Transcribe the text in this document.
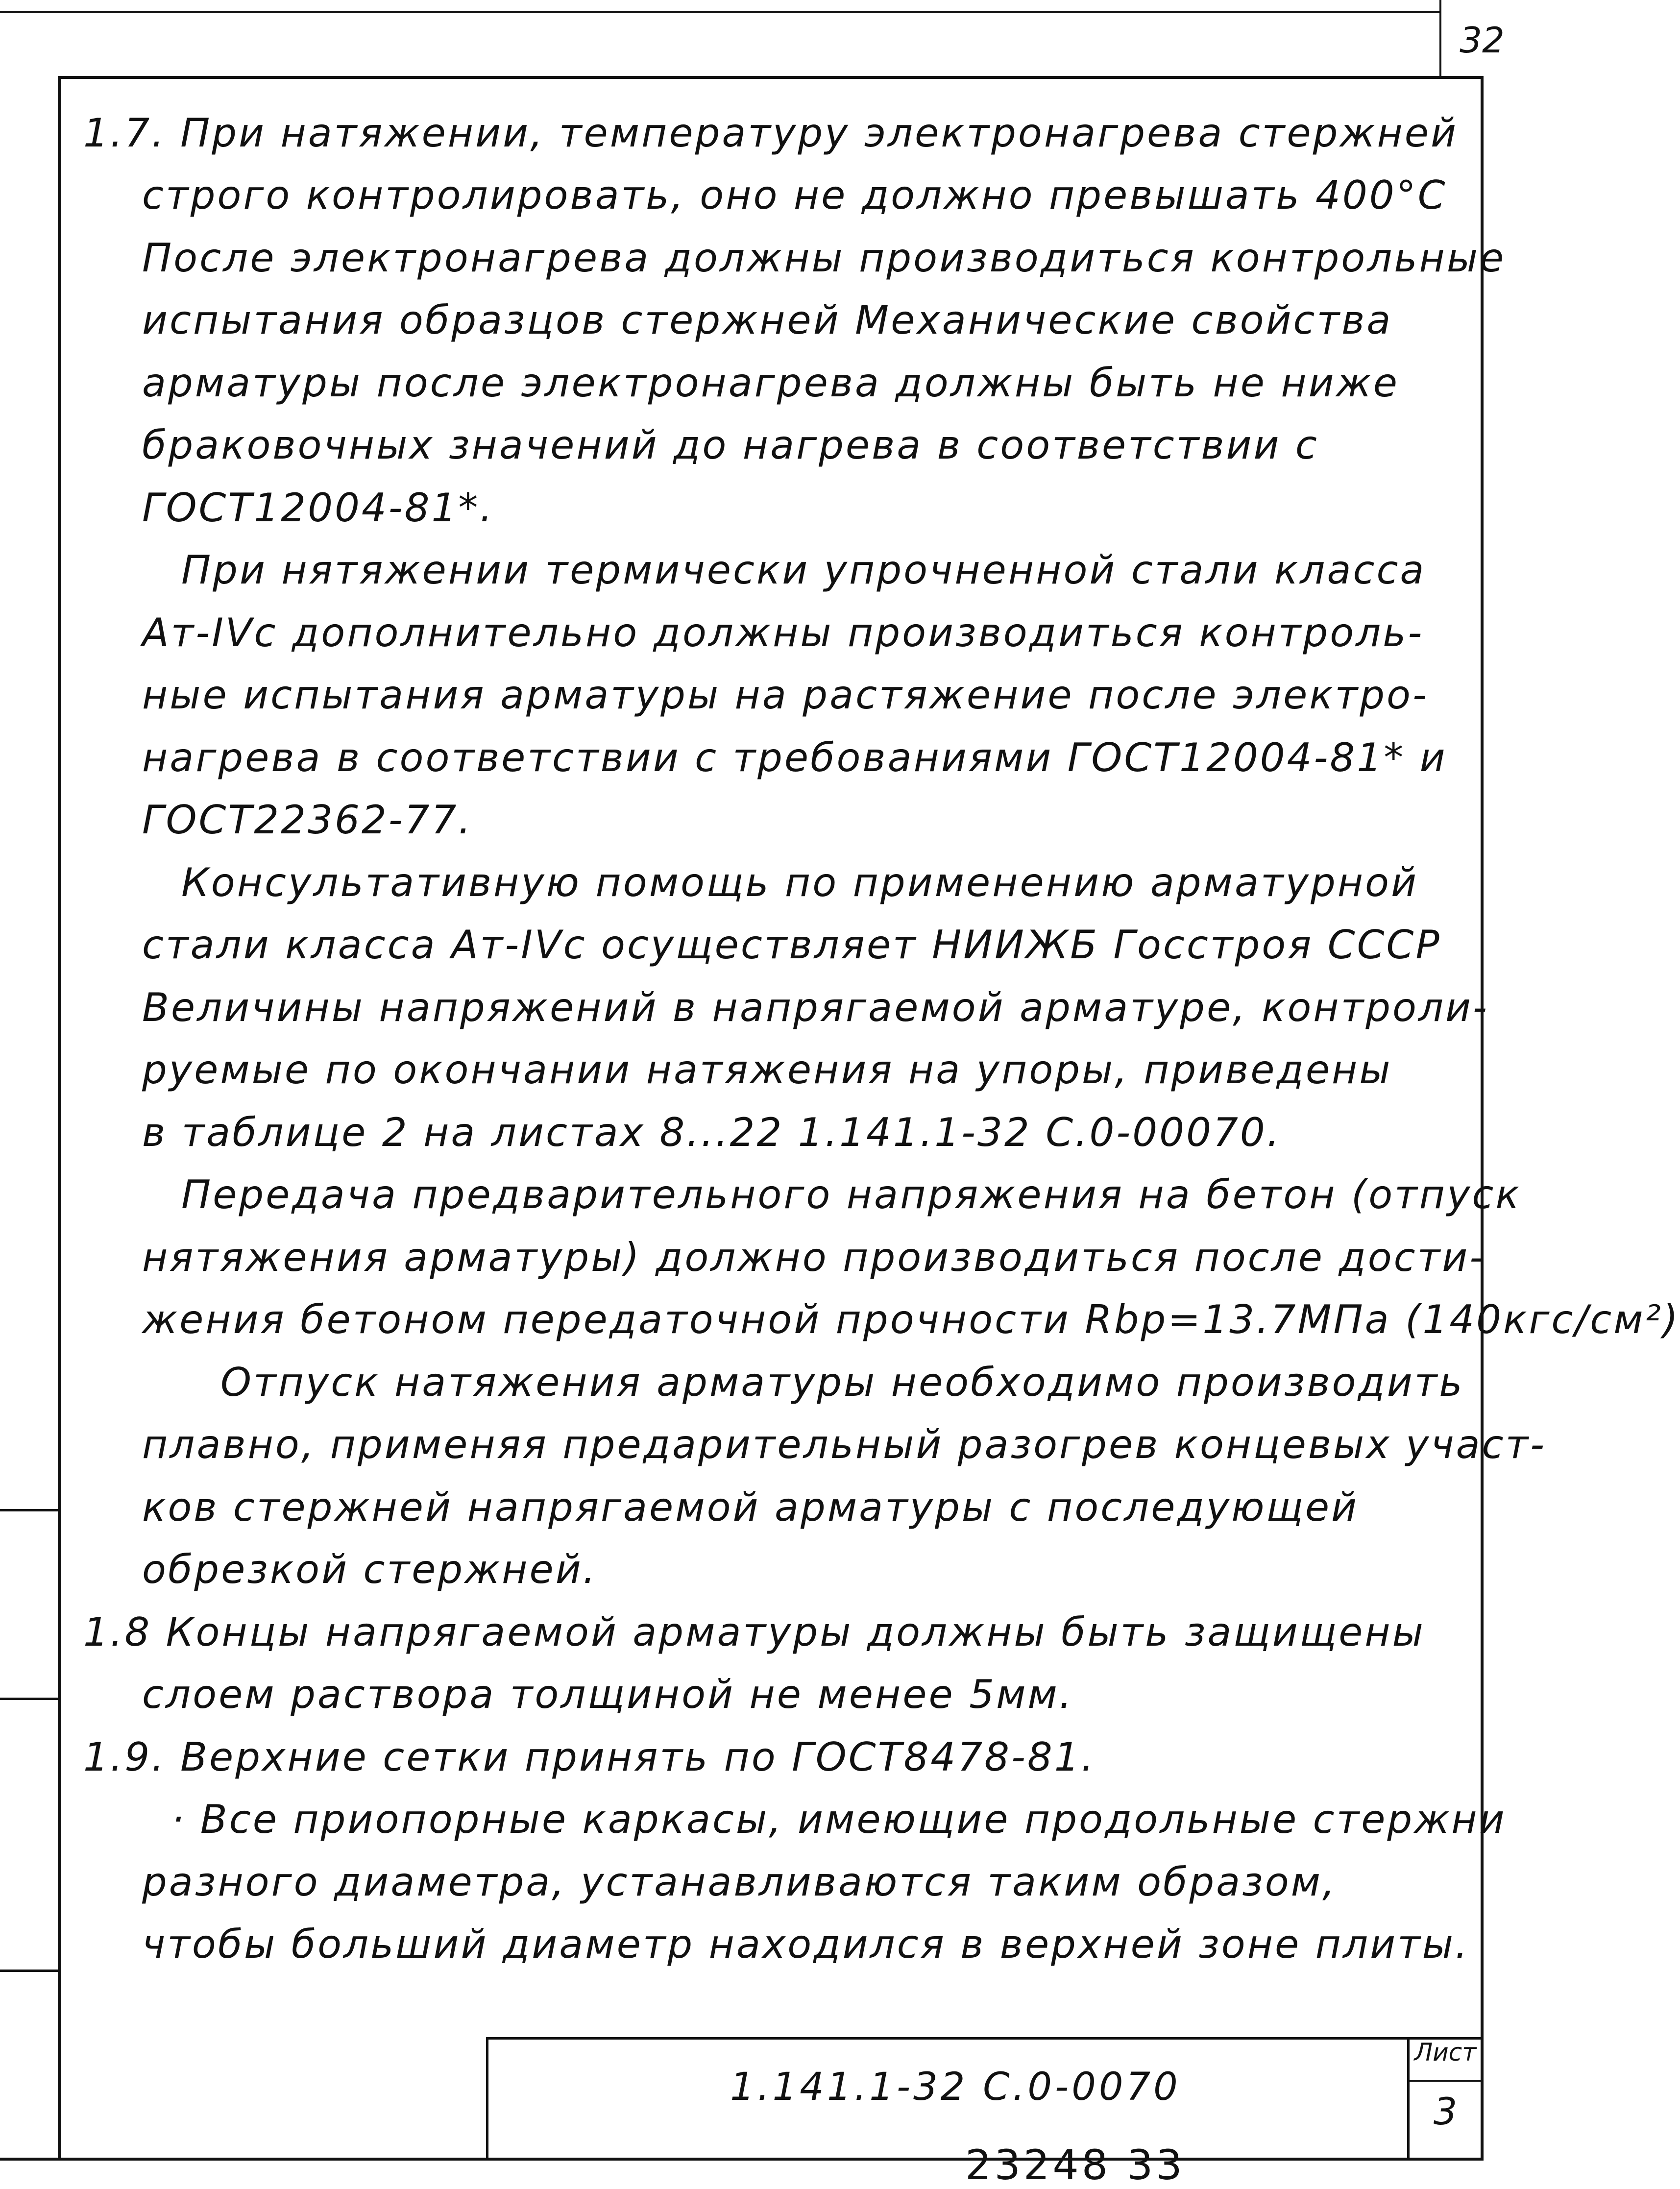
32
1.7. При натяжении, температуру электронагрева стержней
строго контролировать, оно не должно превышать 400°С
После электронагрева должны производиться контрольные
испытания образцов стержней Механические свойства
арматуры после электронагрева должны быть не ниже
браковочных значений до нагрева в соответствии с
ГОСТ12004-81*.
При нятяжении термически упрочненной стали класса
Ат-IVс дополнительно должны производиться контроль-
ные испытания арматуры на растяжение после электро-
нагрева в соответствии с требованиями ГОСТ12004-81* и
ГОСТ22362-77.
Консультативную помощь по применению арматурной
стали класса Ат-IVс осуществляет НИИЖБ Госстроя СССР
Величины напряжений в напрягаемой арматуре, контроли-
руемые по окончании натяжения на упоры, приведены
в таблице 2 на листах 8...22 1.141.1-32 С.0-00070.
Передача предварительного напряжения на бетон (отпуск
нятяжения арматуры) должно производиться после дости-
жения бетоном передаточной прочности Rbp=13.7МПа (140кгс/см²)
Отпуск натяжения арматуры необходимо производить
плавно, применяя предарительный разогрев концевых участ-
ков стержней напрягаемой арматуры с последующей
обрезкой стержней.
1.8 Концы напрягаемой арматуры должны быть защищены
слоем раствора толщиной не менее 5мм.
1.9. Верхние сетки принять по ГОСТ8478-81.
· Все приопорные каркасы, имеющие продольные стержни
разного диаметра, устанавливаются таким образом,
чтобы больший диаметр находился в верхней зоне плиты.
1.141.1-32 С.0-0070
Лист
3
23248 33
